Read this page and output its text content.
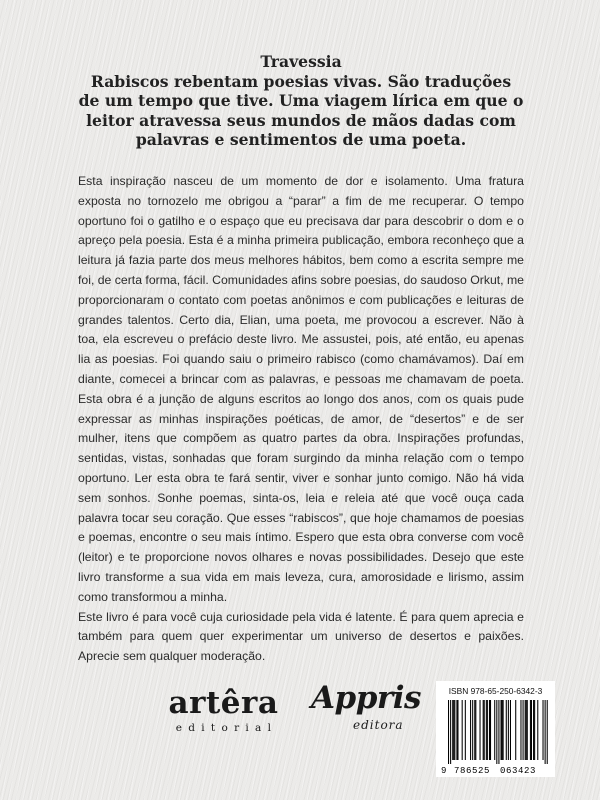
Travessia
Rabiscos rebentam poesias vivas. São traduções
de um tempo que tive. Uma viagem lírica em que o
leitor atravessa seus mundos de mãos dadas com
palavras e sentimentos de uma poeta.

Esta inspiração nasceu de um momento de dor e isolamento. Uma fratura exposta no tornozelo me obrigou a “parar” a fim de me recuperar. O tempo oportuno foi o gatilho e o espaço que eu precisava dar para descobrir o dom e o apreço pela poesia. Esta é a minha primeira publicação, embora reconheço que a leitura já fazia parte dos meus melhores hábitos, bem como a escrita sempre me foi, de certa forma, fácil. Comunidades afins sobre poesias, do saudoso Orkut, me proporcionaram o contato com poetas anônimos e com publicações e leituras de grandes talentos. Certo dia, Elian, uma poeta, me provocou a escrever. Não à toa, ela escreveu o prefácio deste livro. Me assustei, pois, até então, eu apenas lia as poesias. Foi quando saiu o primeiro rabisco (como chamávamos). Daí em diante, comecei a brincar com as palavras, e pessoas me chamavam de poeta. Esta obra é a junção de alguns escritos ao longo dos anos, com os quais pude expressar as minhas inspirações poéticas, de amor, de “desertos” e de ser mulher, itens que compõem as quatro partes da obra. Inspirações profundas, sentidas, vistas, sonhadas que foram surgindo da minha relação com o tempo oportuno. Ler esta obra te fará sentir, viver e sonhar junto comigo. Não há vida sem sonhos. Sonhe poemas, sinta-os, leia e releia até que você ouça cada palavra tocar seu coração. Que esses “rabiscos”, que hoje chamamos de poesias e poemas, encontre o seu mais íntimo. Espero que esta obra converse com você (leitor) e te proporcione novos olhares e novas possibilidades. Desejo que este livro transforme a sua vida em mais leveza, cura, amorosidade e lirismo, assim como transformou a minha.

Este livro é para você cuja curiosidade pela vida é latente. É para quem aprecia e também para quem quer experimentar um universo de desertos e paixões. Aprecie sem qualquer moderação.

artêra
editorial
Appris
editora
ISBN 978-65-250-6342-3
9 786525 063423
